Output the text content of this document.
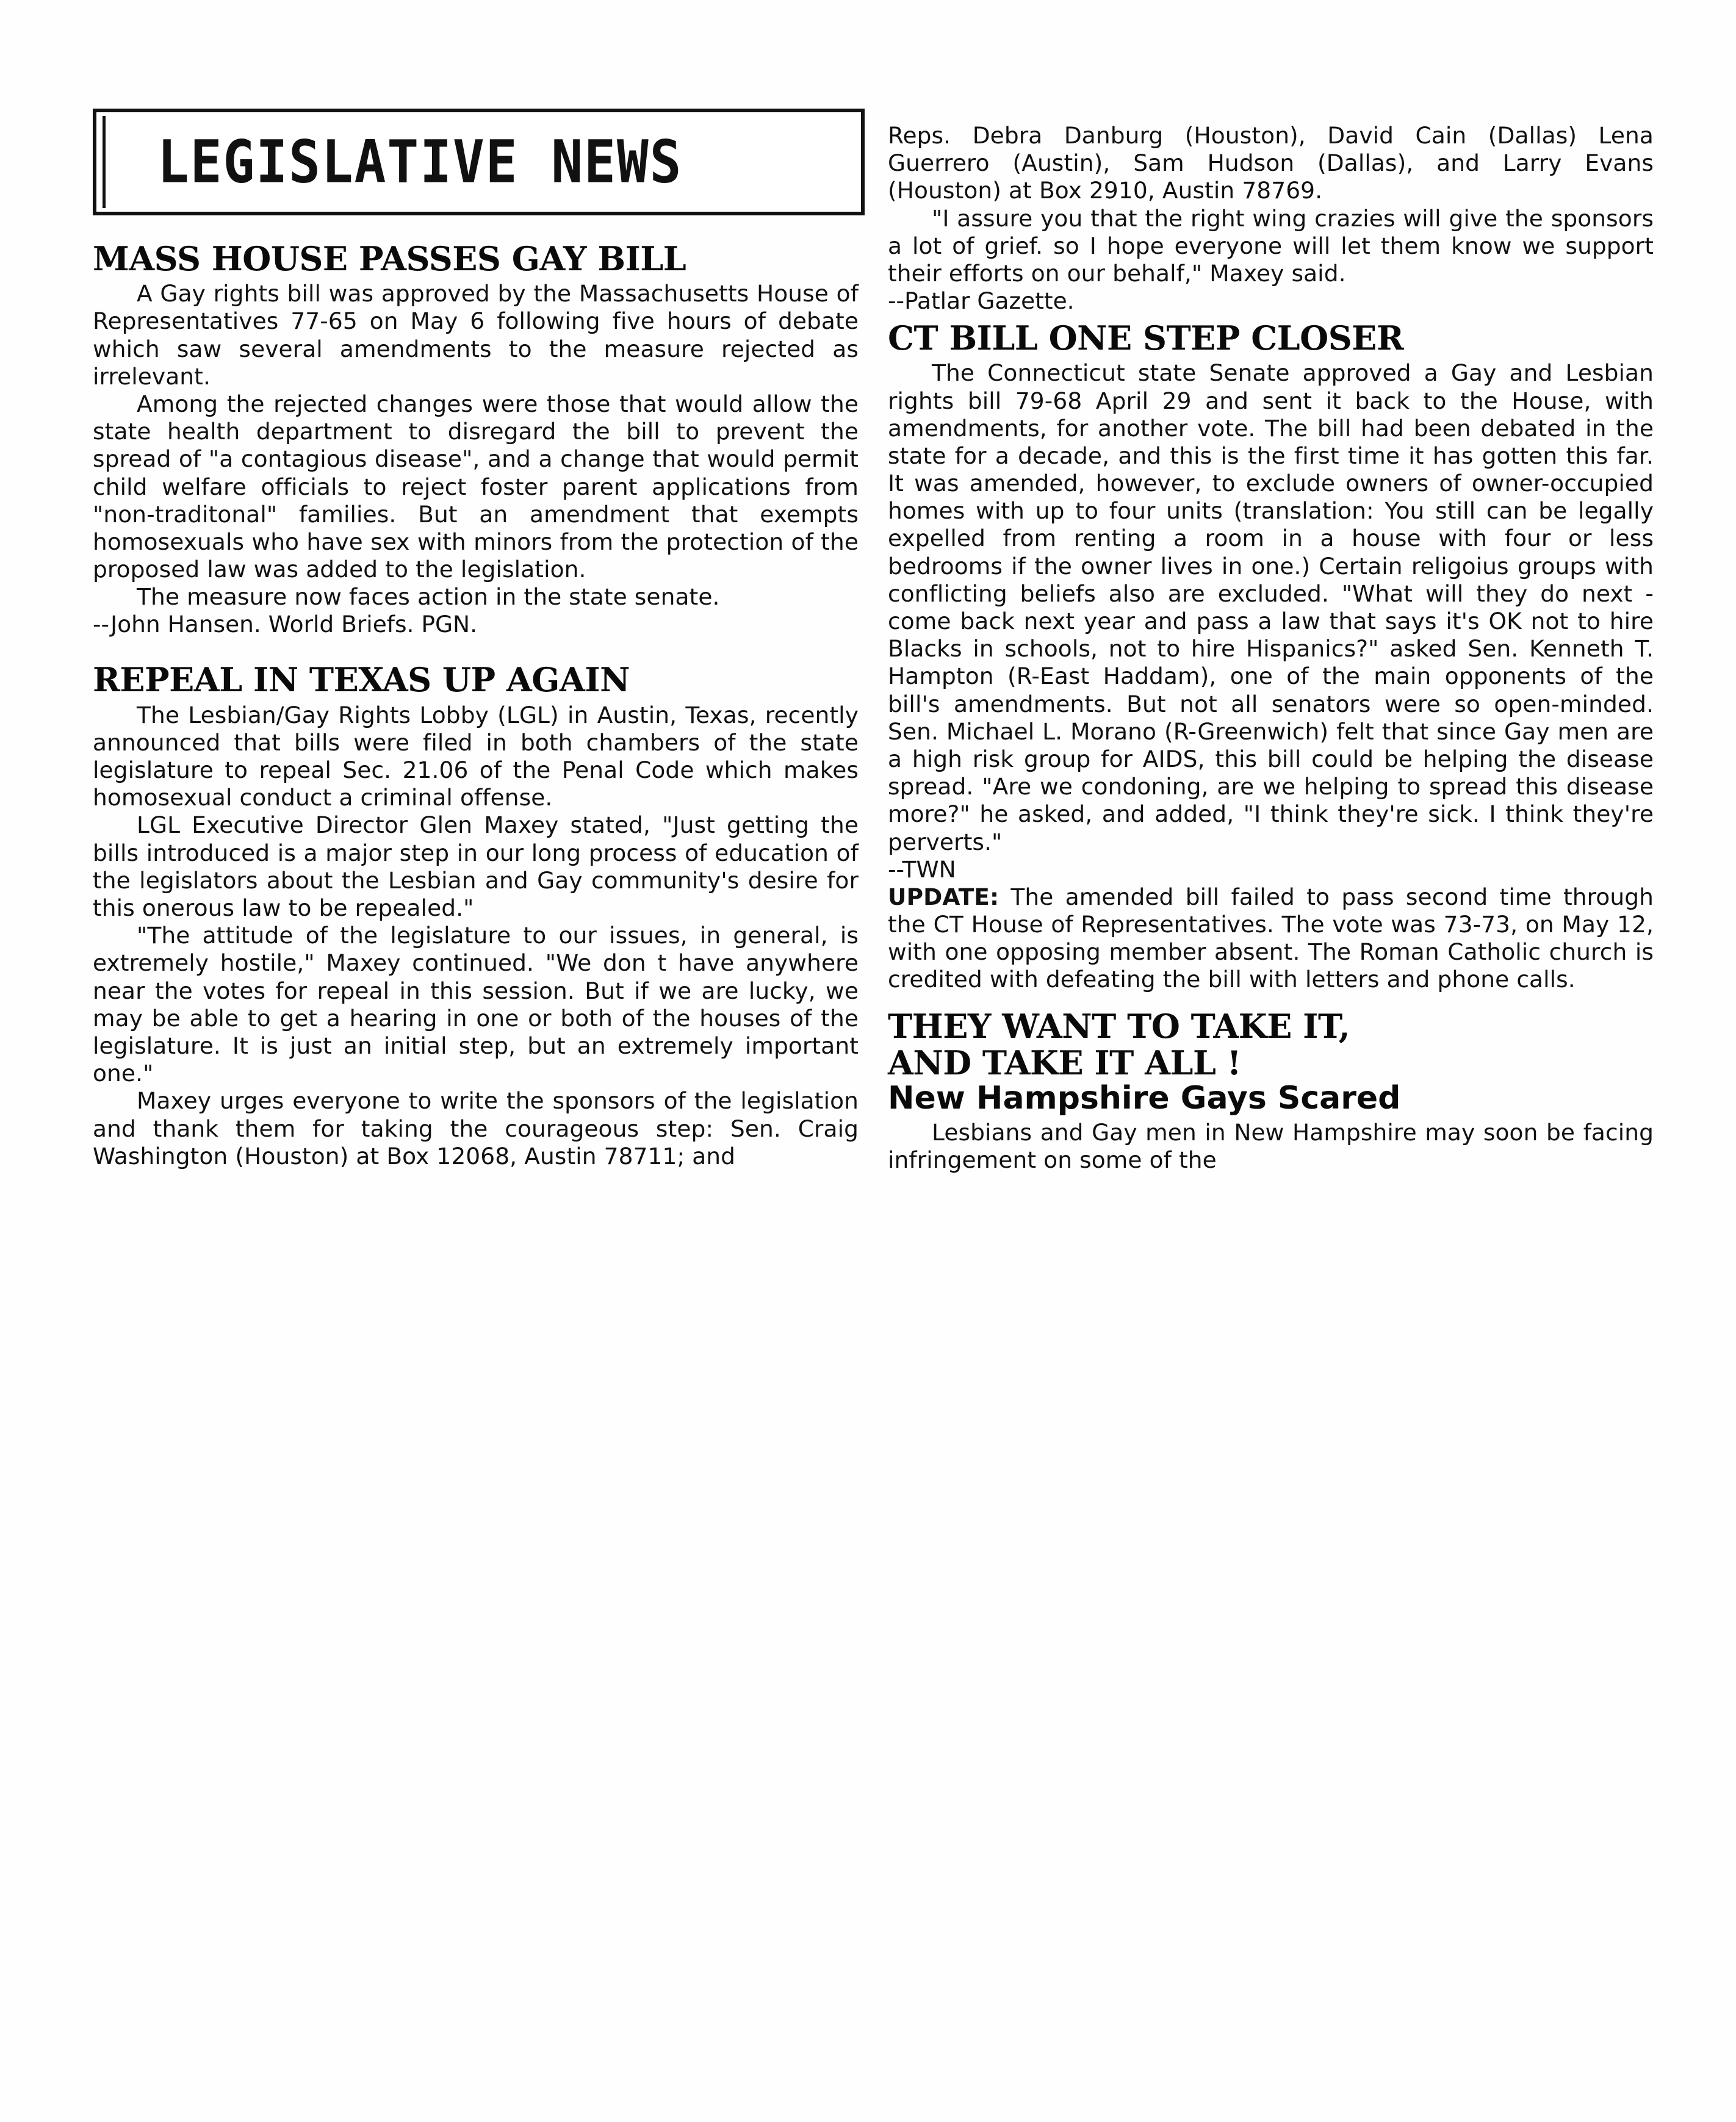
LEGISLATIVE NEWS
MASS HOUSE PASSES GAY BILL

A Gay rights bill was approved by the Massachusetts House of Representatives 77-65 on May 6 following five hours of debate which saw several amendments to the measure rejected as irrelevant.

Among the rejected changes were those that would allow the state health department to disregard the bill to prevent the spread of "a contagious disease", and a change that would permit child welfare officials to reject foster parent applications from "non-traditonal" families. But an amendment that exempts homosexuals who have sex with minors from the protection of the proposed law was added to the legislation.

The measure now faces action in the state senate.

--John Hansen. World Briefs. PGN.

REPEAL IN TEXAS UP AGAIN

The Lesbian/Gay Rights Lobby (LGL) in Austin, Texas, recently announced that bills were filed in both chambers of the state legislature to repeal Sec. 21.06 of the Penal Code which makes homosexual conduct a criminal offense.

LGL Executive Director Glen Maxey stated, "Just getting the bills introduced is a major step in our long process of education of the legislators about the Lesbian and Gay community's desire for this onerous law to be repealed."

"The attitude of the legislature to our issues, in general, is extremely hostile," Maxey continued. "We don t have anywhere near the votes for repeal in this session. But if we are lucky, we may be able to get a hearing in one or both of the houses of the legislature. It is just an initial step, but an extremely important one."

Maxey urges everyone to write the sponsors of the legislation and thank them for taking the courageous step: Sen. Craig Washington (Houston) at Box 12068, Austin 78711; and

Reps. Debra Danburg (Houston), David Cain (Dallas) Lena Guerrero (Austin), Sam Hudson (Dallas), and Larry Evans (Houston) at Box 2910, Austin 78769.

"I assure you that the right wing crazies will give the sponsors a lot of grief. so I hope everyone will let them know we support their efforts on our behalf," Maxey said.

--Patlar Gazette.

CT BILL ONE STEP CLOSER

The Connecticut state Senate approved a Gay and Lesbian rights bill 79-68 April 29 and sent it back to the House, with amendments, for another vote. The bill had been debated in the state for a decade, and this is the first time it has gotten this far. It was amended, however, to exclude owners of owner-occupied homes with up to four units (translation: You still can be legally expelled from renting a room in a house with four or less bedrooms if the owner lives in one.) Certain religoius groups with conflicting beliefs also are excluded. "What will they do next - come back next year and pass a law that says it's OK not to hire Blacks in schools, not to hire Hispanics?" asked Sen. Kenneth T. Hampton (R-East Haddam), one of the main opponents of the bill's amendments. But not all senators were so open-minded. Sen. Michael L. Morano (R-Greenwich) felt that since Gay men are a high risk group for AIDS, this bill could be helping the disease spread. "Are we condoning, are we helping to spread this disease more?" he asked, and added, "I think they're sick. I think they're perverts."

--TWN

UPDATE: The amended bill failed to pass second time through the CT House of Representatives. The vote was 73-73, on May 12, with one opposing member absent. The Roman Catholic church is credited with defeating the bill with letters and phone calls.

THEY WANT TO TAKE IT,
AND TAKE IT ALL !
New Hampshire Gays Scared

Lesbians and Gay men in New Hampshire may soon be facing infringement on some of the
